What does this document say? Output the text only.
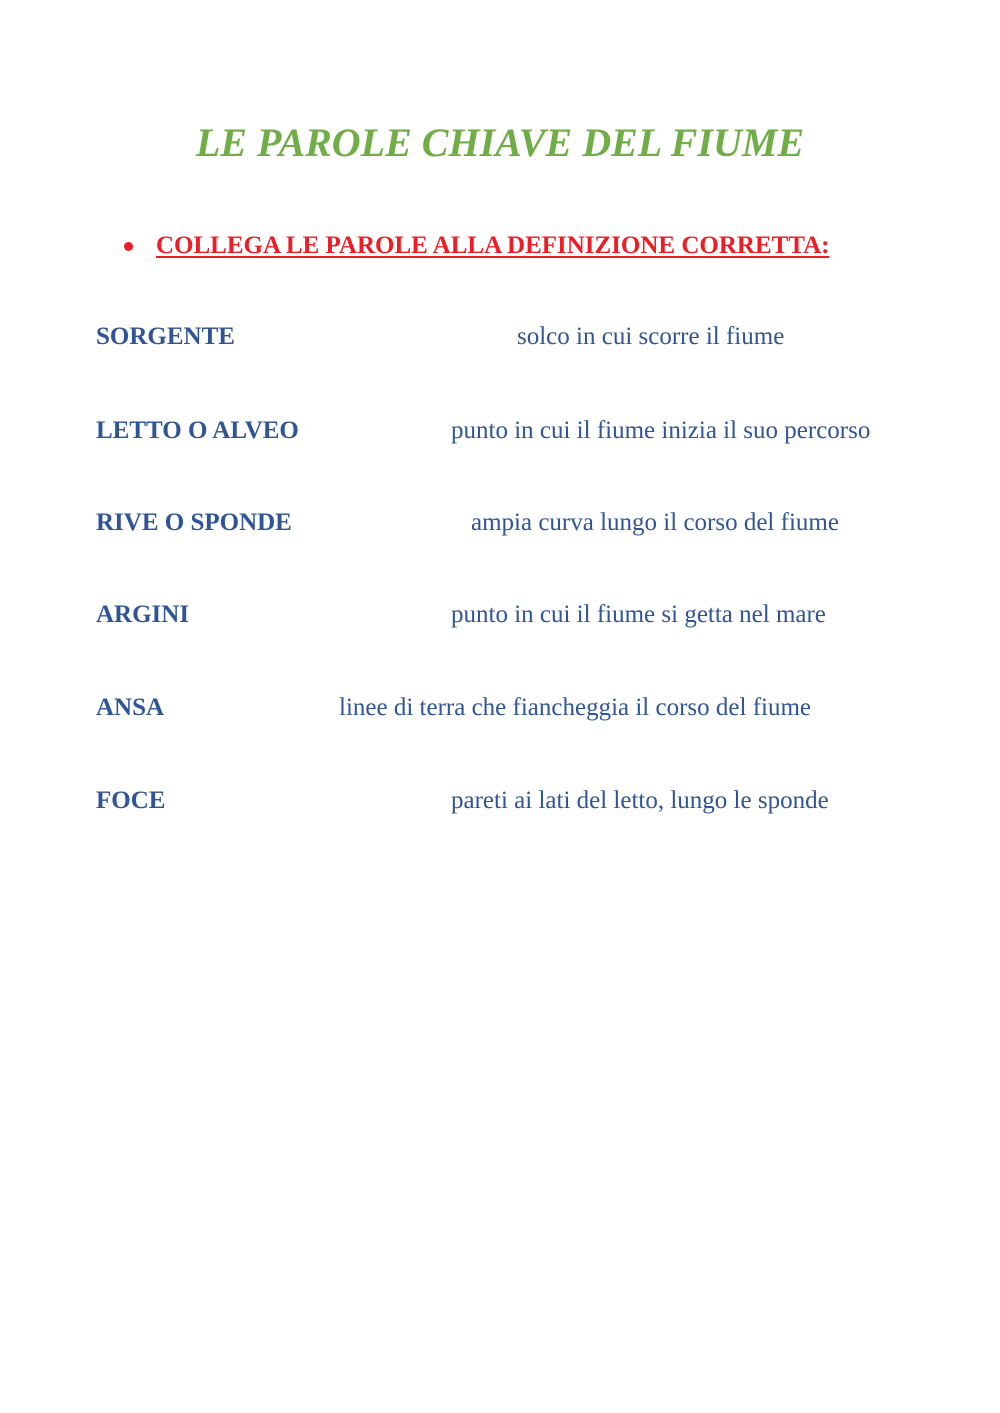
LE PAROLE CHIAVE DEL FIUME
COLLEGA LE PAROLE ALLA DEFINIZIONE CORRETTA:
SORGENTE	solco in cui scorre il fiume
LETTO O ALVEO	punto in cui il fiume inizia il suo percorso
RIVE O SPONDE	ampia curva lungo il corso del fiume
ARGINI	punto in cui il fiume si getta nel mare
ANSA	linee di terra che fiancheggia il corso del fiume
FOCE	pareti ai lati del letto, lungo le sponde
